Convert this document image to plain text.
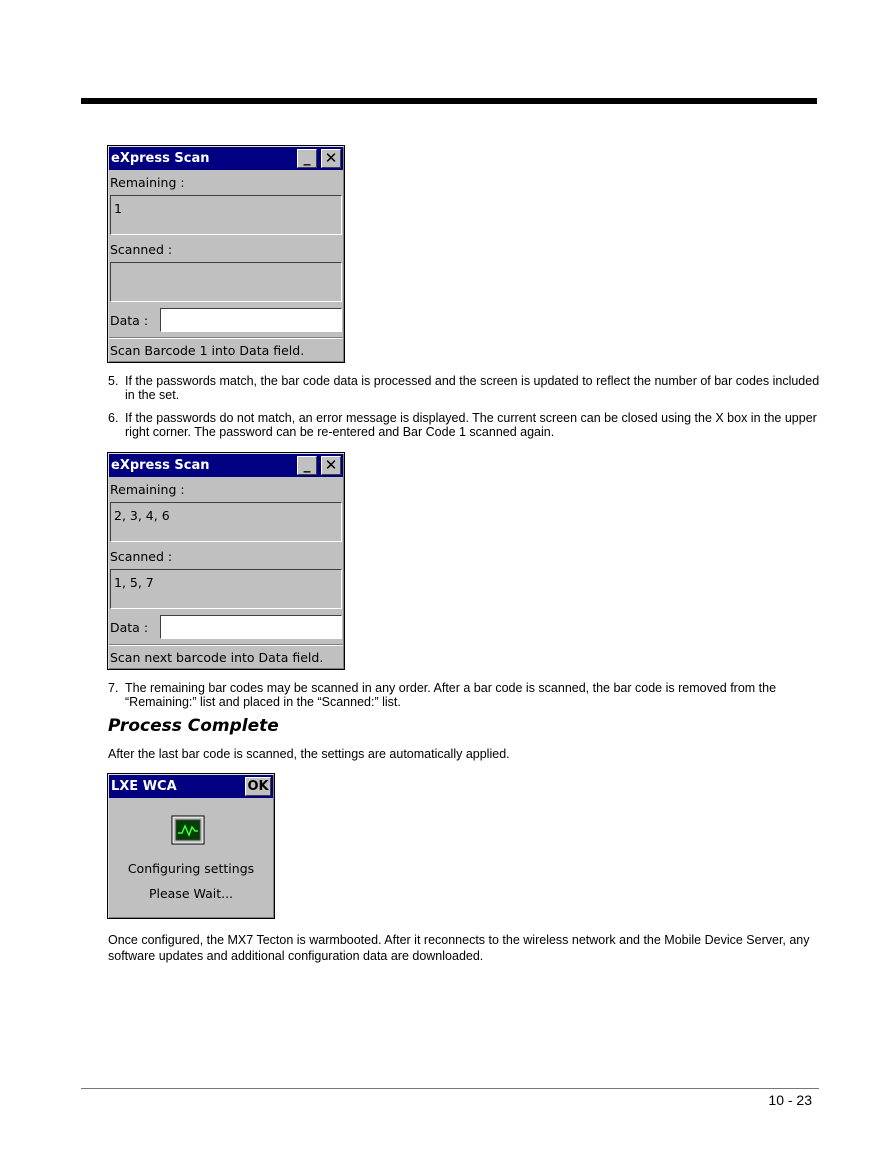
eXpress Scan	_ ✕
Remaining :
1
Scanned :
Data :
Scan Barcode 1 into Data field.
5. If the passwords match, the bar code data is processed and the screen is updated to reflect the number of bar codes included in the set.
6. If the passwords do not match, an error message is displayed. The current screen can be closed using the X box in the upper right corner. The password can be re-entered and Bar Code 1 scanned again.
eXpress Scan	_ ✕
Remaining :
2, 3, 4, 6
Scanned :
1, 5, 7
Data :
Scan next barcode into Data field.
7. The remaining bar codes may be scanned in any order. After a bar code is scanned, the bar code is removed from the “Remaining:” list and placed in the “Scanned:” list.
Process Complete

After the last bar code is scanned, the settings are automatically applied.

LXE WCA	OK
Configuring settings
Please Wait...

Once configured, the MX7 Tecton is warmbooted. After it reconnects to the wireless network and the Mobile Device Server, any software updates and additional configuration data are downloaded.

10 - 23
